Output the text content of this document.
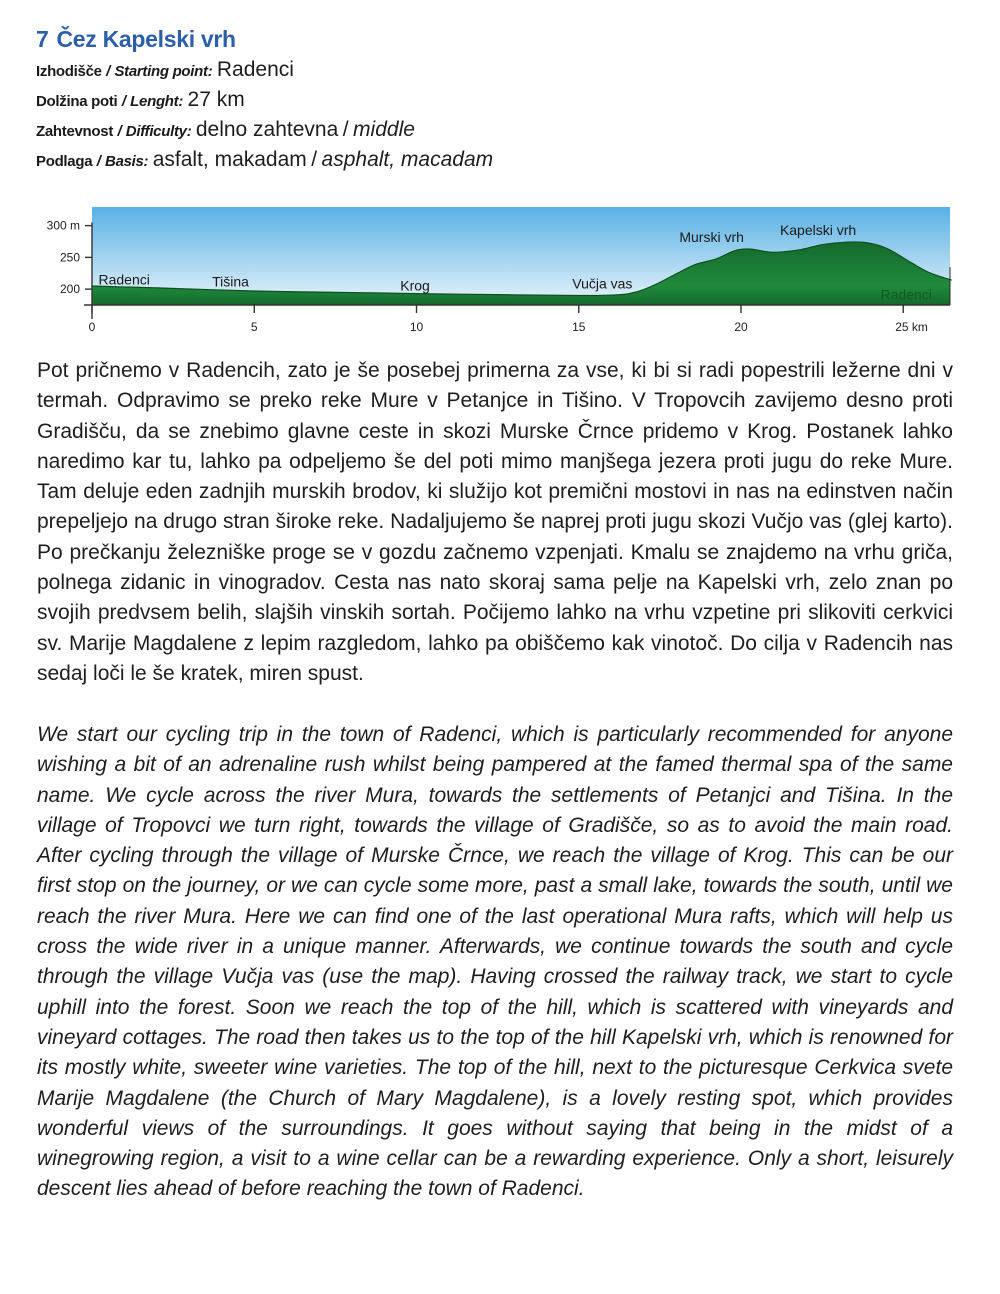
7 Čez Kapelski vrh
Izhodišče / Starting point: Radenci
Dolžina poti / Lenght: 27 km
Zahtevnost / Difficulty: delno zahtevna / middle
Podlaga / Basis: asfalt, makadam / asphalt, macadam
200
250
300 m
0	5	10	15	20	25 km
Radenci	Tišina	Krog	Vučja vas
Murski vrh	Kapelski vrh
Radenci

Pot pričnemo v Radencih, zato je še posebej primerna za vse, ki bi si radi popestrili ležerne dni v termah. Odpravimo se preko reke Mure v Petanjce in Tišino. V Tropovcih zavijemo desno proti Gradišču, da se znebimo glavne ceste in skozi Murske Črnce pridemo v Krog. Postanek lahko naredimo kar tu, lahko pa odpeljemo še del poti mimo manjšega jezera proti jugu do reke Mure. Tam deluje eden zadnjih murskih brodov, ki služijo kot premični mostovi in nas na edinstven način prepeljejo na drugo stran široke reke. Nadaljujemo še naprej proti jugu skozi Vučjo vas (glej karto). Po prečkanju železniške proge se v gozdu začnemo vzpenjati. Kmalu se znajdemo na vrhu griča, polnega zidanic in vinogradov. Cesta nas nato skoraj sama pelje na Kapelski vrh, zelo znan po svojih predvsem belih, slajših vinskih sortah. Počijemo lahko na vrhu vzpetine pri slikoviti cerkvici sv. Marije Magdalene z lepim razgledom, lahko pa obiščemo kak vinotoč. Do cilja v Radencih nas sedaj loči le še kratek, miren spust.

We start our cycling trip in the town of Radenci, which is particularly recommended for anyone wishing a bit of an adrenaline rush whilst being pampered at the famed thermal spa of the same name. We cycle across the river Mura, towards the settlements of Petanjci and Tišina. In the village of Tropovci we turn right, towards the village of Gradišče, so as to avoid the main road. After cycling through the village of Murske Črnce, we reach the village of Krog. This can be our first stop on the journey, or we can cycle some more, past a small lake, towards the south, until we reach the river Mura. Here we can find one of the last operational Mura rafts, which will help us cross the wide river in a unique manner. Afterwards, we continue towards the south and cycle through the village Vučja vas (use the map). Having crossed the railway track, we start to cycle uphill into the forest. Soon we reach the top of the hill, which is scattered with vineyards and vineyard cottages. The road then takes us to the top of the hill Kapelski vrh, which is renowned for its mostly white, sweeter wine varieties. The top of the hill, next to the picturesque Cerkvica svete Marije Magdalene (the Church of Mary Magdalene), is a lovely resting spot, which provides wonderful views of the surroundings. It goes without saying that being in the midst of a winegrowing region, a visit to a wine cellar can be a rewarding experience. Only a short, leisurely descent lies ahead of before reaching the town of Radenci.
